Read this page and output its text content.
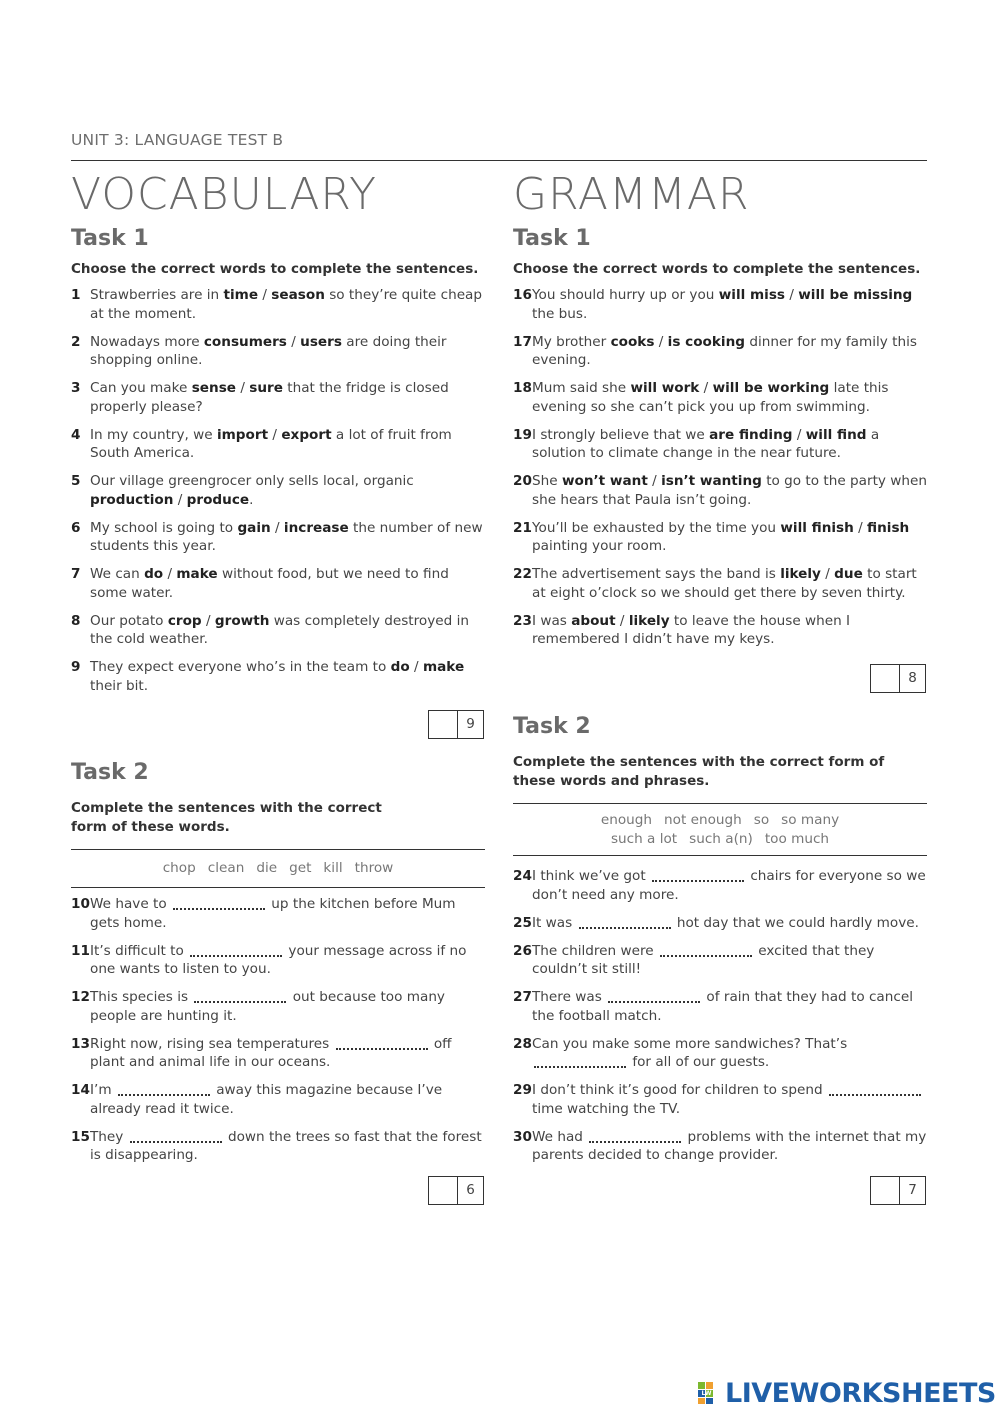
UNIT 3: LANGUAGE TEST B
VOCABULARY
Task 1
Choose the correct words to complete the sentences.
1 Strawberries are in time / season so they’re quite cheap at the moment.
2 Nowadays more consumers / users are doing their shopping online.
3 Can you make sense / sure that the fridge is closed properly please?
4 In my country, we import / export a lot of fruit from South America.
5 Our village greengrocer only sells local, organic production / produce.
6 My school is going to gain / increase the number of new students this year.
7 We can do / make without food, but we need to find some water.
8 Our potato crop / growth was completely destroyed in the cold weather.
9 They expect everyone who’s in the team to do / make their bit.
Task 2
Complete the sentences with the correct form of these words.
chop clean die get kill throw
10 We have to	up the kitchen before Mum gets home.
11 It’s difficult to	your message across if no one wants to listen to you.
12 This species is	out because too many people are hunting it.
13 Right now, rising sea temperatures	off plant and animal life in our oceans.
14 I’m	away this magazine because I’ve already read it twice.
15 They	down the trees so fast that the forest is disappearing.
GRAMMAR
Task 1
Choose the correct words to complete the sentences.
16 You should hurry up or you will miss / will be missing the bus.
17 My brother cooks / is cooking dinner for my family this evening.
18 Mum said she will work / will be working late this evening so she can’t pick you up from swimming.
19 I strongly believe that we are finding / will find a solution to climate change in the near future.
20 She won’t want / isn’t wanting to go to the party when she hears that Paula isn’t going.
21 You’ll be exhausted by the time you will finish / finish painting your room.
22 The advertisement says the band is likely / due to start at eight o’clock so we should get there by seven thirty.
23 I was about / likely to leave the house when I remembered I didn’t have my keys.
Task 2
Complete the sentences with the correct form of these words and phrases.
enough not enough so so many
such a lot such a(n) too much
24 I think we’ve got	chairs for everyone so we don’t need any more.
25 It was	hot day that we could hardly move.
26 The children were	excited that they couldn’t sit still!
27 There was	of rain that they had to cancel the football match.
28 Can you make some more sandwiches? That’s  for all of our guests.
29 I don’t think it’s good for children to spend  time watching the TV.
30 We had	problems with the internet that my parents decided to change provider.
9
6
8
7
LW LIVEWORKSHEETS
